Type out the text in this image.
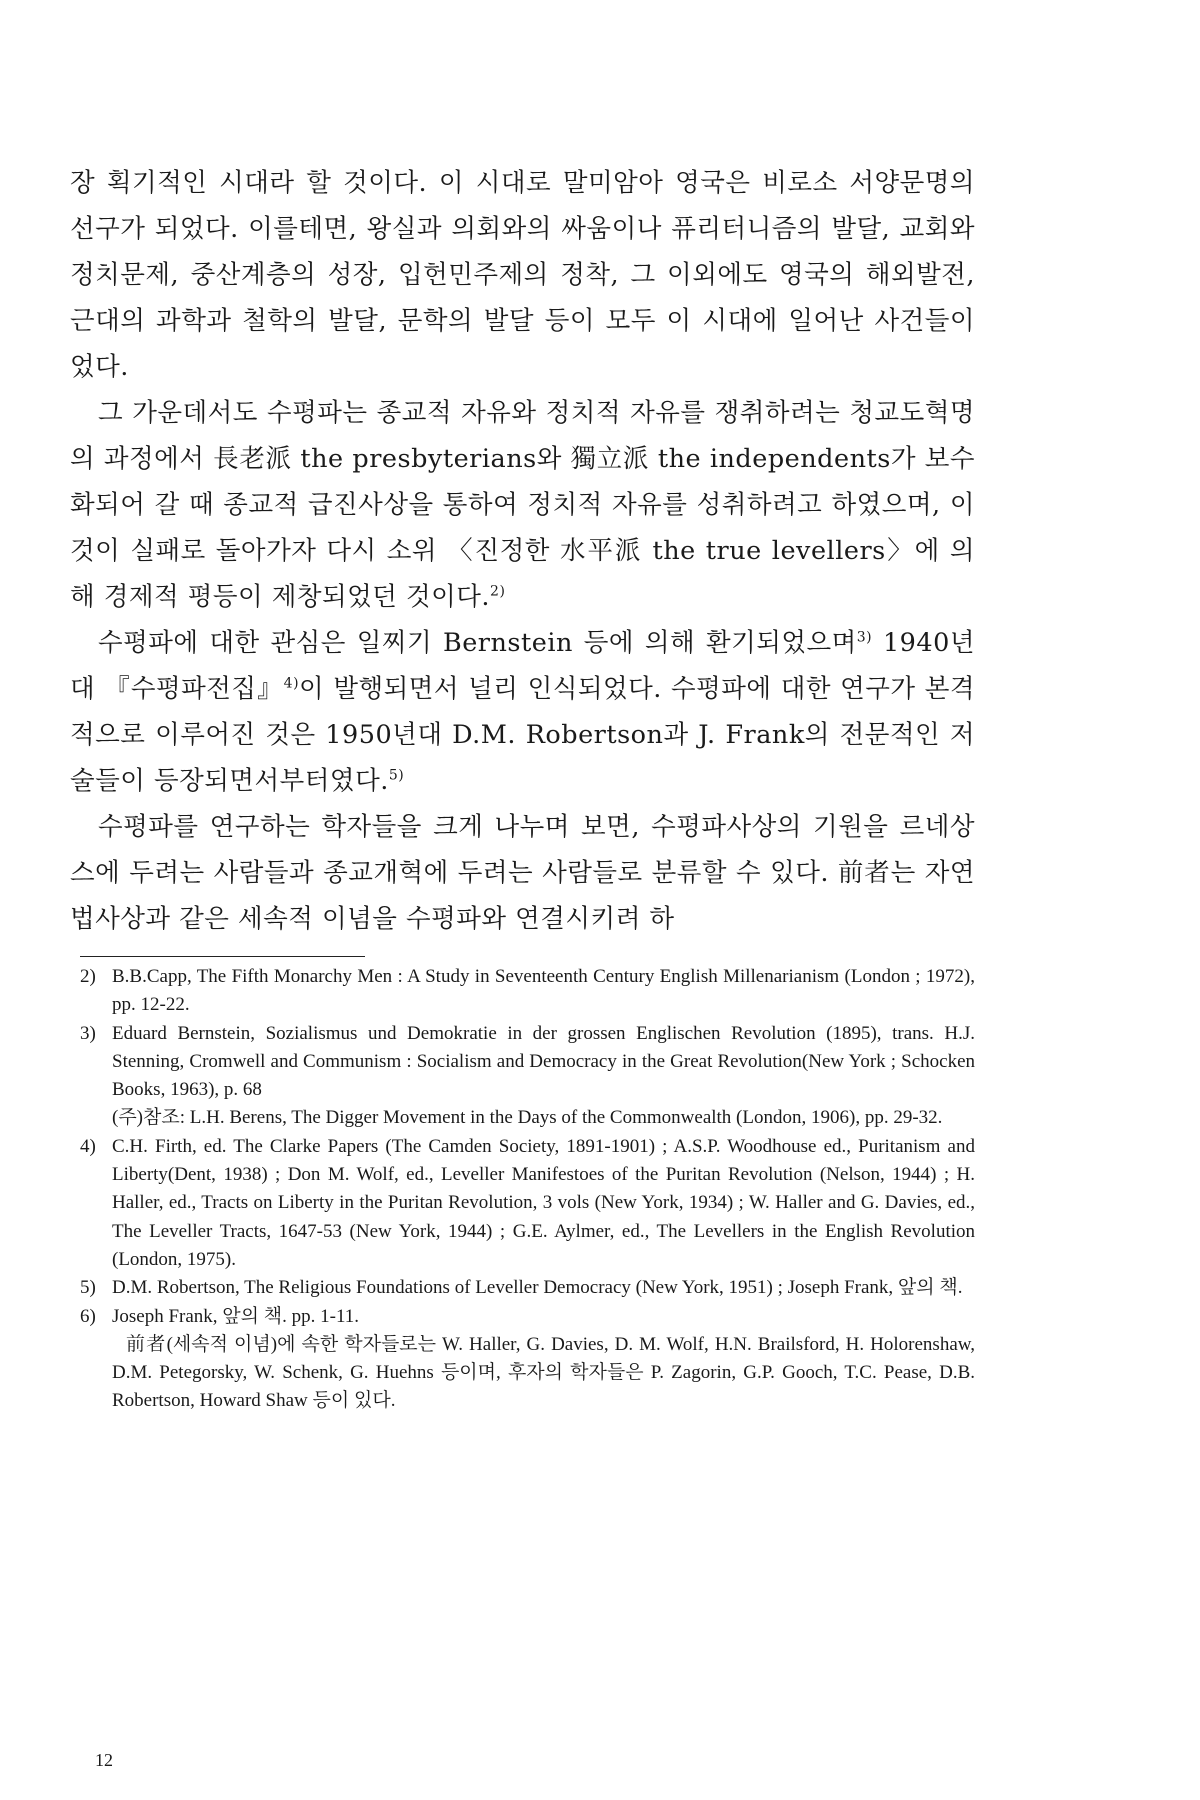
장 획기적인 시대라 할 것이다. 이 시대로 말미암아 영국은 비로소 서양문명의 선구가 되었다. 이를테면, 왕실과 의회와의 싸움이나 퓨리터니즘의 발달, 교회와 정치문제, 중산계층의 성장, 입헌민주제의 정착, 그 이외에도 영국의 해외발전, 근대의 과학과 철학의 발달, 문학의 발달 등이 모두 이 시대에 일어난 사건들이었다.

그 가운데서도 수평파는 종교적 자유와 정치적 자유를 쟁취하려는 청교도혁명의 과정에서 長老派 the presbyterians와 獨立派 the independents가 보수화되어 갈 때 종교적 급진사상을 통하여 정치적 자유를 성취하려고 하였으며, 이것이 실패로 돌아가자 다시 소위 〈진정한 水平派 the true levellers〉에 의해 경제적 평등이 제창되었던 것이다.$^{2)}$

수평파에 대한 관심은 일찌기 Bernstein 등에 의해 환기되었으며$^{3)}$ 1940년대 『수평파전집』$^{4)}$이 발행되면서 널리 인식되었다. 수평파에 대한 연구가 본격적으로 이루어진 것은 1950년대 D.M. Robertson과 J. Frank의 전문적인 저술들이 등장되면서부터였다.$^{5)}$

수평파를 연구하는 학자들을 크게 나누며 보면, 수평파사상의 기원을 르네상스에 두려는 사람들과 종교개혁에 두려는 사람들로 분류할 수 있다. 前者는 자연법사상과 같은 세속적 이념을 수평파와 연결시키려 하

2) B.B.Capp, The Fifth Monarchy Men : A Study in Seventeenth Century English Millenarianism (London ; 1972), pp. 12-22.

3) Eduard Bernstein, Sozialismus und Demokratie in der grossen Englischen Revolution (1895), trans. H.J. Stenning, Cromwell and Communism : Socialism and Democracy in the Great Revolution(New York ; Schocken Books, 1963), p. 68

(주)참조: L.H. Berens, The Digger Movement in the Days of the Commonwealth (London, 1906), pp. 29-32.

4) C.H. Firth, ed. The Clarke Papers (The Camden Society, 1891-1901) ; A.S.P. Woodhouse ed., Puritanism and Liberty(Dent, 1938) ; Don M. Wolf, ed., Leveller Manifestoes of the Puritan Revolution (Nelson, 1944) ; H. Haller, ed., Tracts on Liberty in the Puritan Revolution, 3 vols (New York, 1934) ; W. Haller and G. Davies, ed., The Leveller Tracts, 1647-53 (New York, 1944) ; G.E. Aylmer, ed., The Levellers in the English Revolution (London, 1975).

5) D.M. Robertson, The Religious Foundations of Leveller Democracy (New York, 1951) ; Joseph Frank, 앞의 책.

6) Joseph Frank, 앞의 책. pp. 1-11.

前者(세속적 이념)에 속한 학자들로는 W. Haller, G. Davies, D. M. Wolf, H.N. Brailsford, H. Holorenshaw, D.M. Petegorsky, W. Schenk, G. Huehns 등이며, 후자의 학자들은 P. Zagorin, G.P. Gooch, T.C. Pease, D.B. Robertson, Howard Shaw 등이 있다.

12
